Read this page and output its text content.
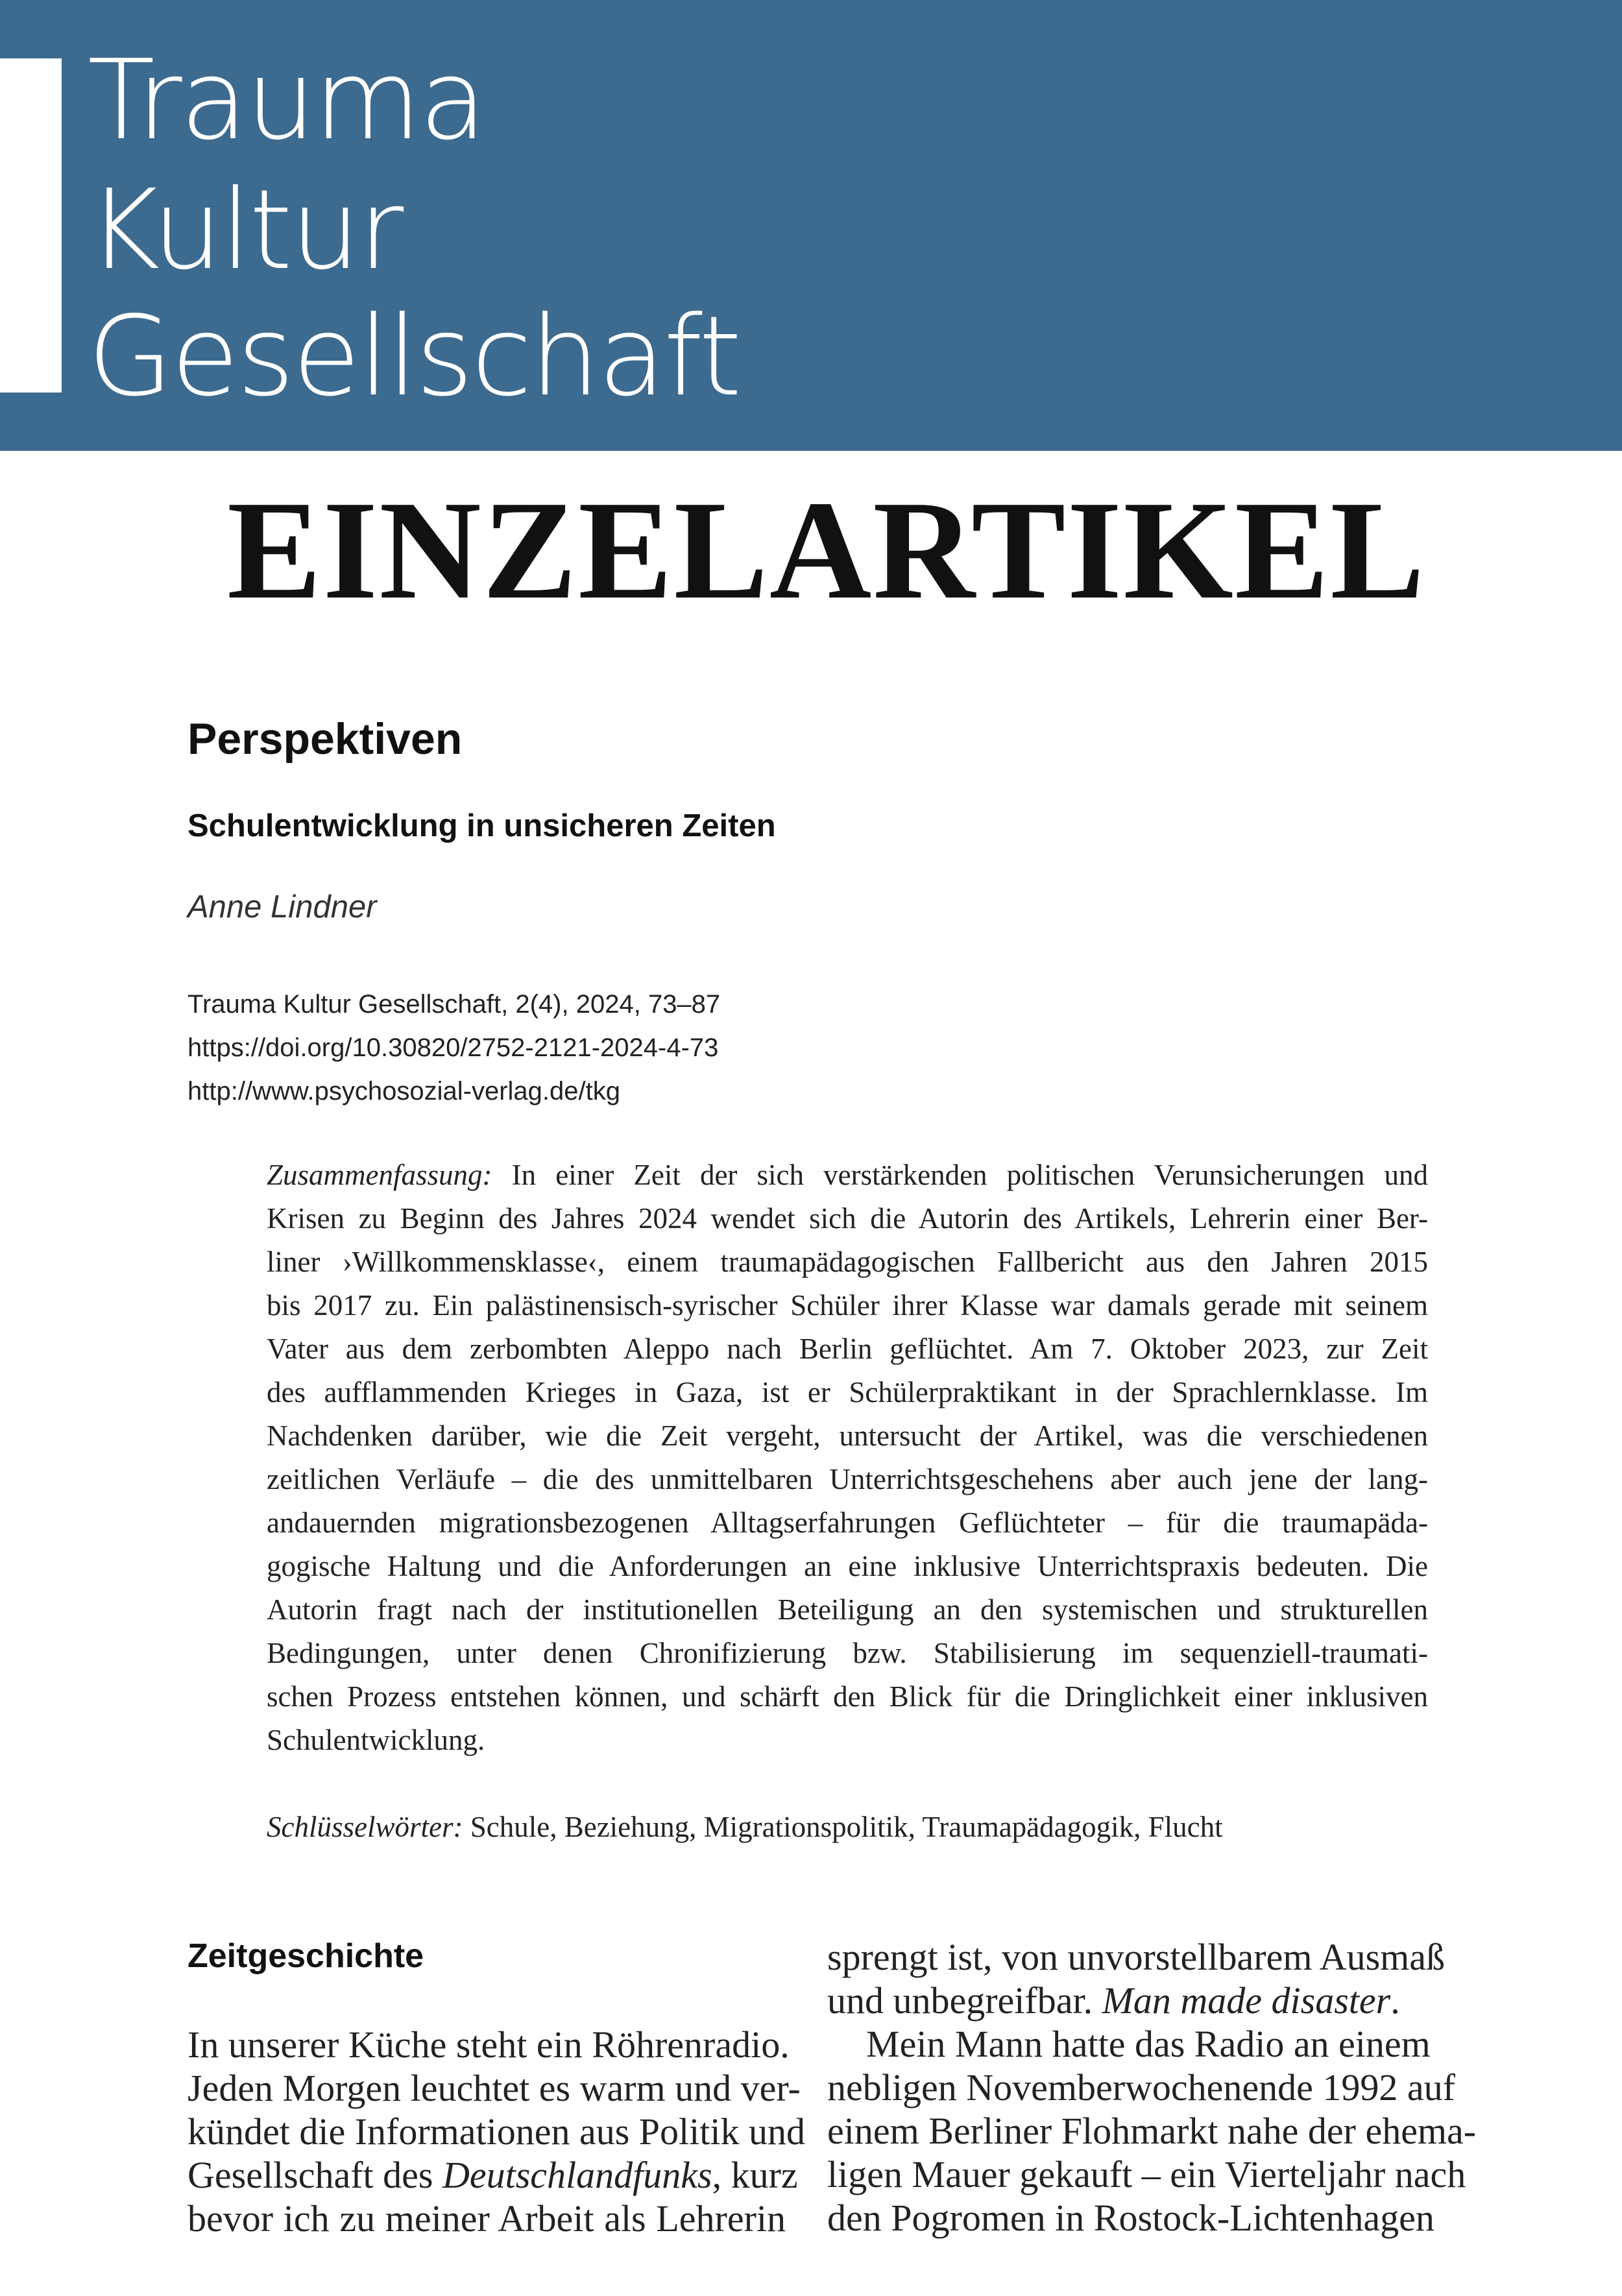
Trauma
Kultur
Gesellschaft
EINZELARTIKEL
Perspektiven
Schulentwicklung in unsicheren Zeiten
Anne Lindner
Trauma Kultur Gesellschaft, 2(4), 2024, 73–87
https://doi.org/10.30820/2752-2121-2024-4-73
http://www.psychosozial-verlag.de/tkg
Zusammenfassung: In einer Zeit der sich verstärkenden politischen Verunsicherungen und
Krisen zu Beginn des Jahres 2024 wendet sich die Autorin des Artikels, Lehrerin einer Ber-
liner ›Willkommensklasse‹, einem traumapädagogischen Fallbericht aus den Jahren 2015
bis 2017 zu. Ein palästinensisch-syrischer Schüler ihrer Klasse war damals gerade mit seinem
Vater aus dem zerbombten Aleppo nach Berlin geflüchtet. Am 7. Oktober 2023, zur Zeit
des aufflammenden Krieges in Gaza, ist er Schülerpraktikant in der Sprachlernklasse. Im
Nachdenken darüber, wie die Zeit vergeht, untersucht der Artikel, was die verschiedenen
zeitlichen Verläufe – die des unmittelbaren Unterrichtsgeschehens aber auch jene der lang-
andauernden migrationsbezogenen Alltagserfahrungen Geflüchteter – für die traumapäda-
gogische Haltung und die Anforderungen an eine inklusive Unterrichtspraxis bedeuten. Die
Autorin fragt nach der institutionellen Beteiligung an den systemischen und strukturellen
Bedingungen, unter denen Chronifizierung bzw. Stabilisierung im sequenziell-traumati-
schen Prozess entstehen können, und schärft den Blick für die Dringlichkeit einer inklusiven
Schulentwicklung.
Schlüsselwörter: Schule, Beziehung, Migrationspolitik, Traumapädagogik, Flucht
Zeitgeschichte
In unserer Küche steht ein Röhrenradio.
Jeden Morgen leuchtet es warm und ver-
kündet die Informationen aus Politik und
Gesellschaft des Deutschlandfunks, kurz
bevor ich zu meiner Arbeit als Lehrerin
sprengt ist, von unvorstellbarem Ausmaß
und unbegreifbar. Man made disaster.
Mein Mann hatte das Radio an einem
nebligen Novemberwochenende 1992 auf
einem Berliner Flohmarkt nahe der ehema-
ligen Mauer gekauft – ein Vierteljahr nach
den Pogromen in Rostock-Lichtenhagen
